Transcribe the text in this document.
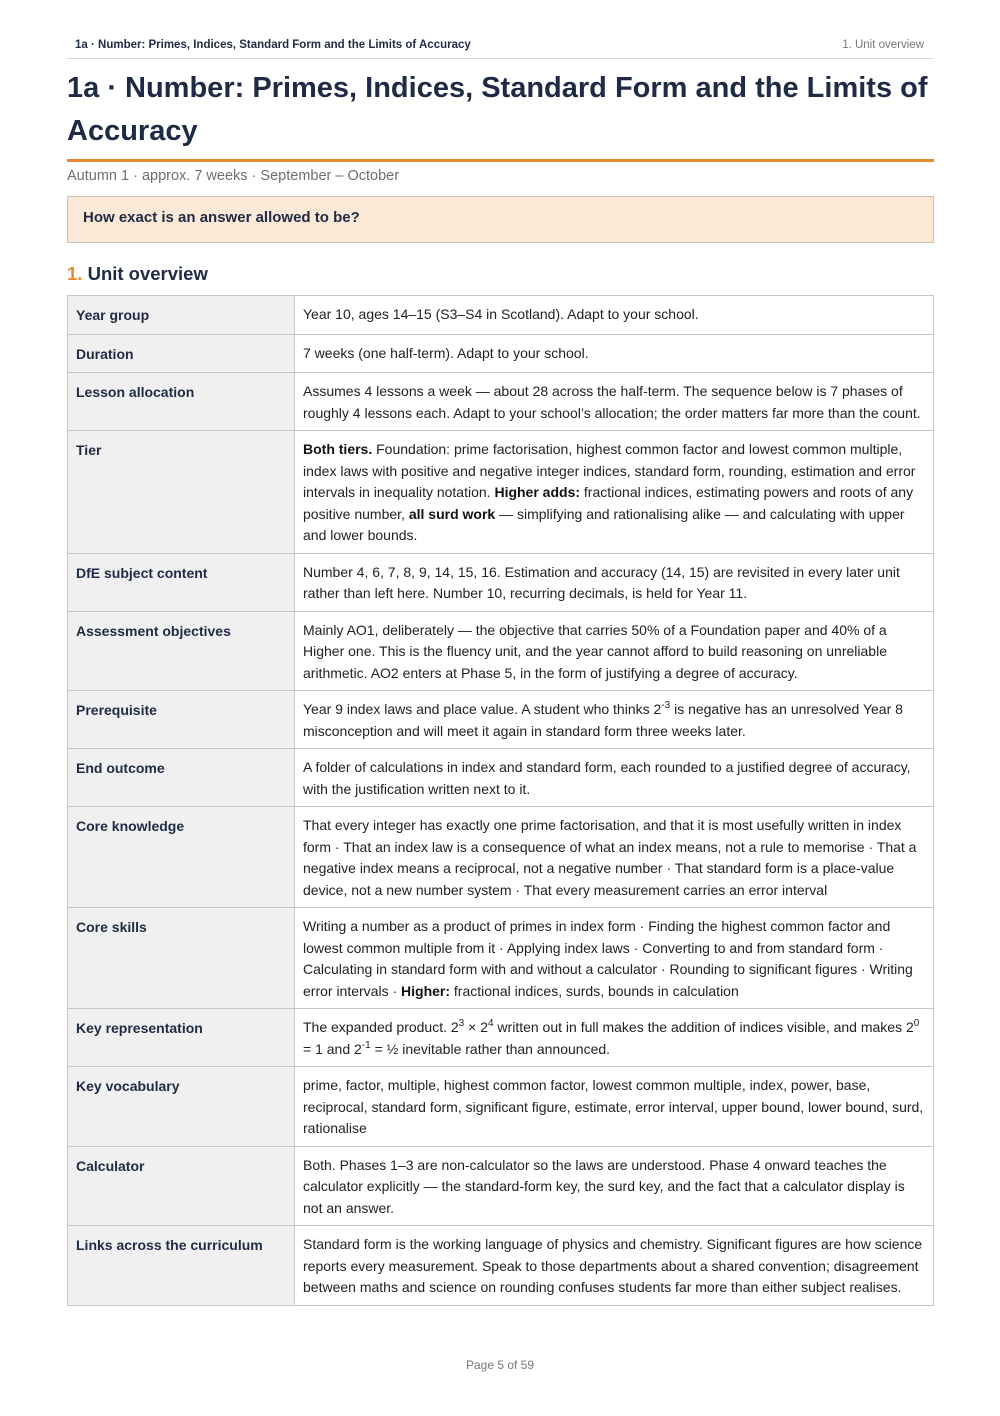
1a · Number: Primes, Indices, Standard Form and the Limits of Accuracy	1. Unit overview
1a · Number: Primes, Indices, Standard Form and the Limits of Accuracy
Autumn 1 · approx. 7 weeks · September – October
How exact is an answer allowed to be?
1. Unit overview
Year group	Year 10, ages 14–15 (S3–S4 in Scotland). Adapt to your school.
Duration	7 weeks (one half-term). Adapt to your school.
Lesson allocation	Assumes 4 lessons a week — about 28 across the half-term. The sequence below is 7 phases of roughly 4 lessons each. Adapt to your school’s allocation; the order matters far more than the count.
Tier	Both tiers. Foundation: prime factorisation, highest common factor and lowest common multiple, index laws with positive and negative integer indices, standard form, rounding, estimation and error intervals in inequality notation. Higher adds: fractional indices, estimating powers and roots of any positive number, all surd work — simplifying and rationalising alike — and calculating with upper and lower bounds.
DfE subject content	Number 4, 6, 7, 8, 9, 14, 15, 16. Estimation and accuracy (14, 15) are revisited in every later unit rather than left here. Number 10, recurring decimals, is held for Year 11.
Assessment objectives	Mainly AO1, deliberately — the objective that carries 50% of a Foundation paper and 40% of a Higher one. This is the fluency unit, and the year cannot afford to build reasoning on unreliable arithmetic. AO2 enters at Phase 5, in the form of justifying a degree of accuracy.
Prerequisite	Year 9 index laws and place value. A student who thinks $2^{-3}$ is negative has an unresolved Year 8 misconception and will meet it again in standard form three weeks later.
End outcome	A folder of calculations in index and standard form, each rounded to a justified degree of accuracy, with the justification written next to it.
Core knowledge	That every integer has exactly one prime factorisation, and that it is most usefully written in index form · That an index law is a consequence of what an index means, not a rule to memorise · That a negative index means a reciprocal, not a negative number · That standard form is a place-value device, not a new number system · That every measurement carries an error interval
Core skills	Writing a number as a product of primes in index form · Finding the highest common factor and lowest common multiple from it · Applying index laws · Converting to and from standard form · Calculating in standard form with and without a calculator · Rounding to significant figures · Writing error intervals · Higher: fractional indices, surds, bounds in calculation
Key representation	The expanded product. $2^3 \times 2^4$ written out in full makes the addition of indices visible, and makes $2^0 = 1$ and $2^{-1}$ = ½ inevitable rather than announced.
Key vocabulary	prime, factor, multiple, highest common factor, lowest common multiple, index, power, base, reciprocal, standard form, significant figure, estimate, error interval, upper bound, lower bound, surd, rationalise
Calculator	Both. Phases 1–3 are non-calculator so the laws are understood. Phase 4 onward teaches the calculator explicitly — the standard-form key, the surd key, and the fact that a calculator display is not an answer.
Links across the curriculum	Standard form is the working language of physics and chemistry. Significant figures are how science reports every measurement. Speak to those departments about a shared convention; disagreement between maths and science on rounding confuses students far more than either subject realises.
Page 5 of 59
